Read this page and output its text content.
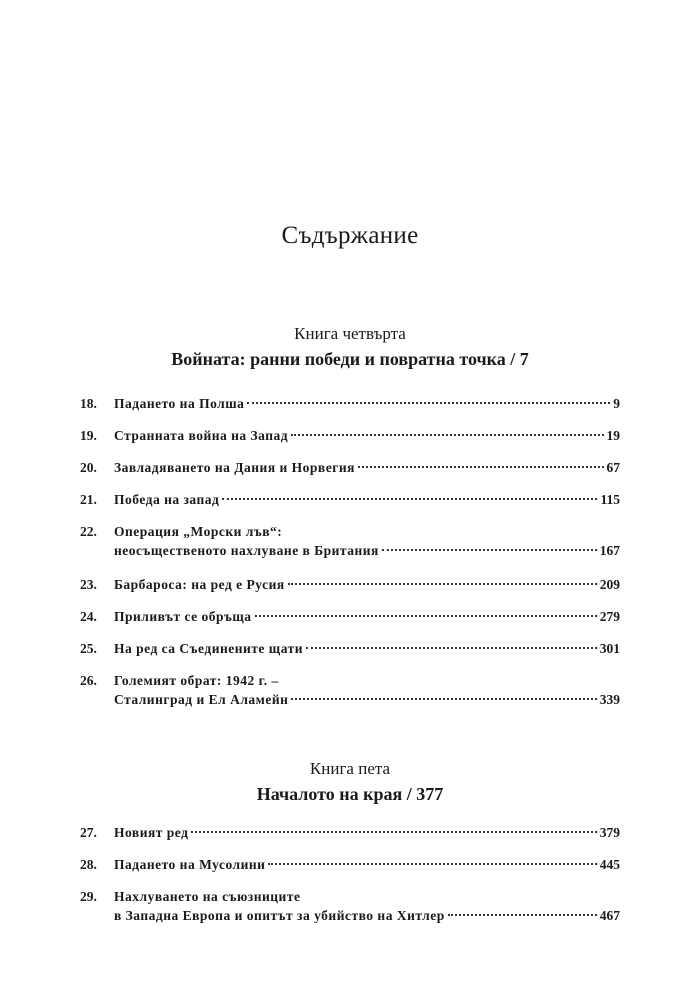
Съдържание
Книга четвърта
Войната: ранни победи и повратна точка / 7
18.	Падането на Полша	9
19.	Странната война на Запад	19
20.	Завладяването на Дания и Норвегия	67
21.	Победа на запад	115
22.	Операция „Морски лъв“:
неосъщественото нахлуване в Британия	167
23.	Барбароса: на ред е Русия	209
24.	Приливът се обръща	279
25.	На ред са Съединените щати	301
26.	Големият обрат: 1942 г. –
Сталинград и Ел Аламейн	339
Книга пета
Началото на края / 377
27.	Новият ред	379
28.	Падането на Мусолини	445
29.	Нахлуването на съюзниците
в Западна Европа и опитът за убийство на Хитлер	467
